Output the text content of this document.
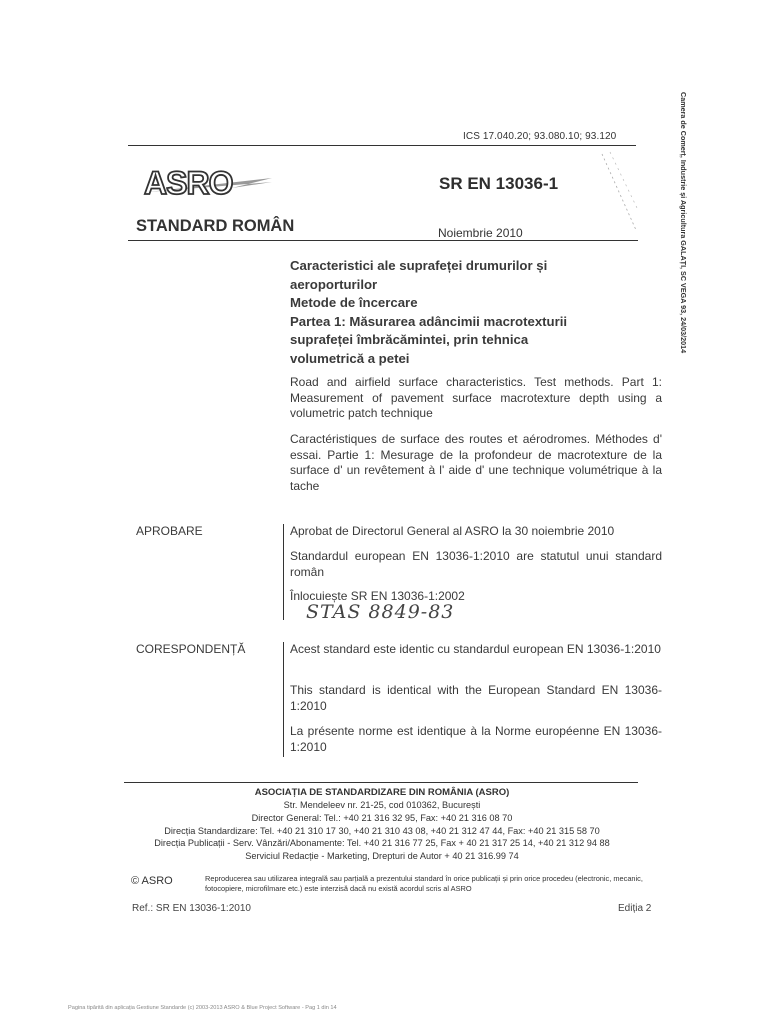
ICS 17.040.20; 93.080.10; 93.120
ASRO	SR EN 13036-1
STANDARD ROMÂN	Noiembrie 2010
Caracteristici ale suprafeței drumurilor și
aeroporturilor
Metode de încercare
Partea 1: Măsurarea adâncimii macrotexturii
suprafeței îmbrăcămintei, prin tehnica
volumetrică a petei

Road and airfield surface characteristics. Test methods. Part 1: Measurement of pavement surface macrotexture depth using a volumetric patch technique

Caractéristiques de surface des routes et aérodromes. Méthodes d' essai. Partie 1: Mesurage de la profondeur de macrotexture de la surface d' un revêtement à l' aide d' une technique volumétrique à la tache

APROBARE	Aprobat de Directorul General al ASRO la 30 noiembrie 2010

Standardul european EN 13036-1:2010 are statutul unui standard român

Înlocuiește SR EN 13036-1:2002

STAS 8849-83
CORESPONDENȚĂ	Acest standard este identic cu standardul european EN 13036-1:2010

This standard is identical with the European Standard EN 13036-1:2010

La présente norme est identique à la Norme européenne EN 13036-1:2010

ASOCIAȚIA DE STANDARDIZARE DIN ROMÂNIA (ASRO)
Str. Mendeleev nr. 21-25, cod 010362, București
Director General: Tel.: +40 21 316 32 95, Fax: +40 21 316 08 70
Direcția Standardizare: Tel. +40 21 310 17 30, +40 21 310 43 08, +40 21 312 47 44, Fax: +40 21 315 58 70
Direcția Publicații - Serv. Vânzări/Abonamente: Tel. +40 21 316 77 25, Fax + 40 21 317 25 14, +40 21 312 94 88
Serviciul Redacție - Marketing, Drepturi de Autor + 40 21 316.99 74
© ASRO	Reproducerea sau utilizarea integrală sau parțială a prezentului standard în orice publicații și prin orice procedeu (electronic, mecanic, fotocopiere, microfilmare etc.) este interzisă dacă nu există acordul scris al ASRO

Ref.: SR EN 13036-1:2010	Ediția 2
Camera de Comerț, Industrie și Agricultura GALAȚI, SC VEGA 93, 24/03/2014
Pagina tipărită din aplicația Gestiune Standarde (c) 2003-2013 ASRO & Blue Project Software - Pag 1 din 14
